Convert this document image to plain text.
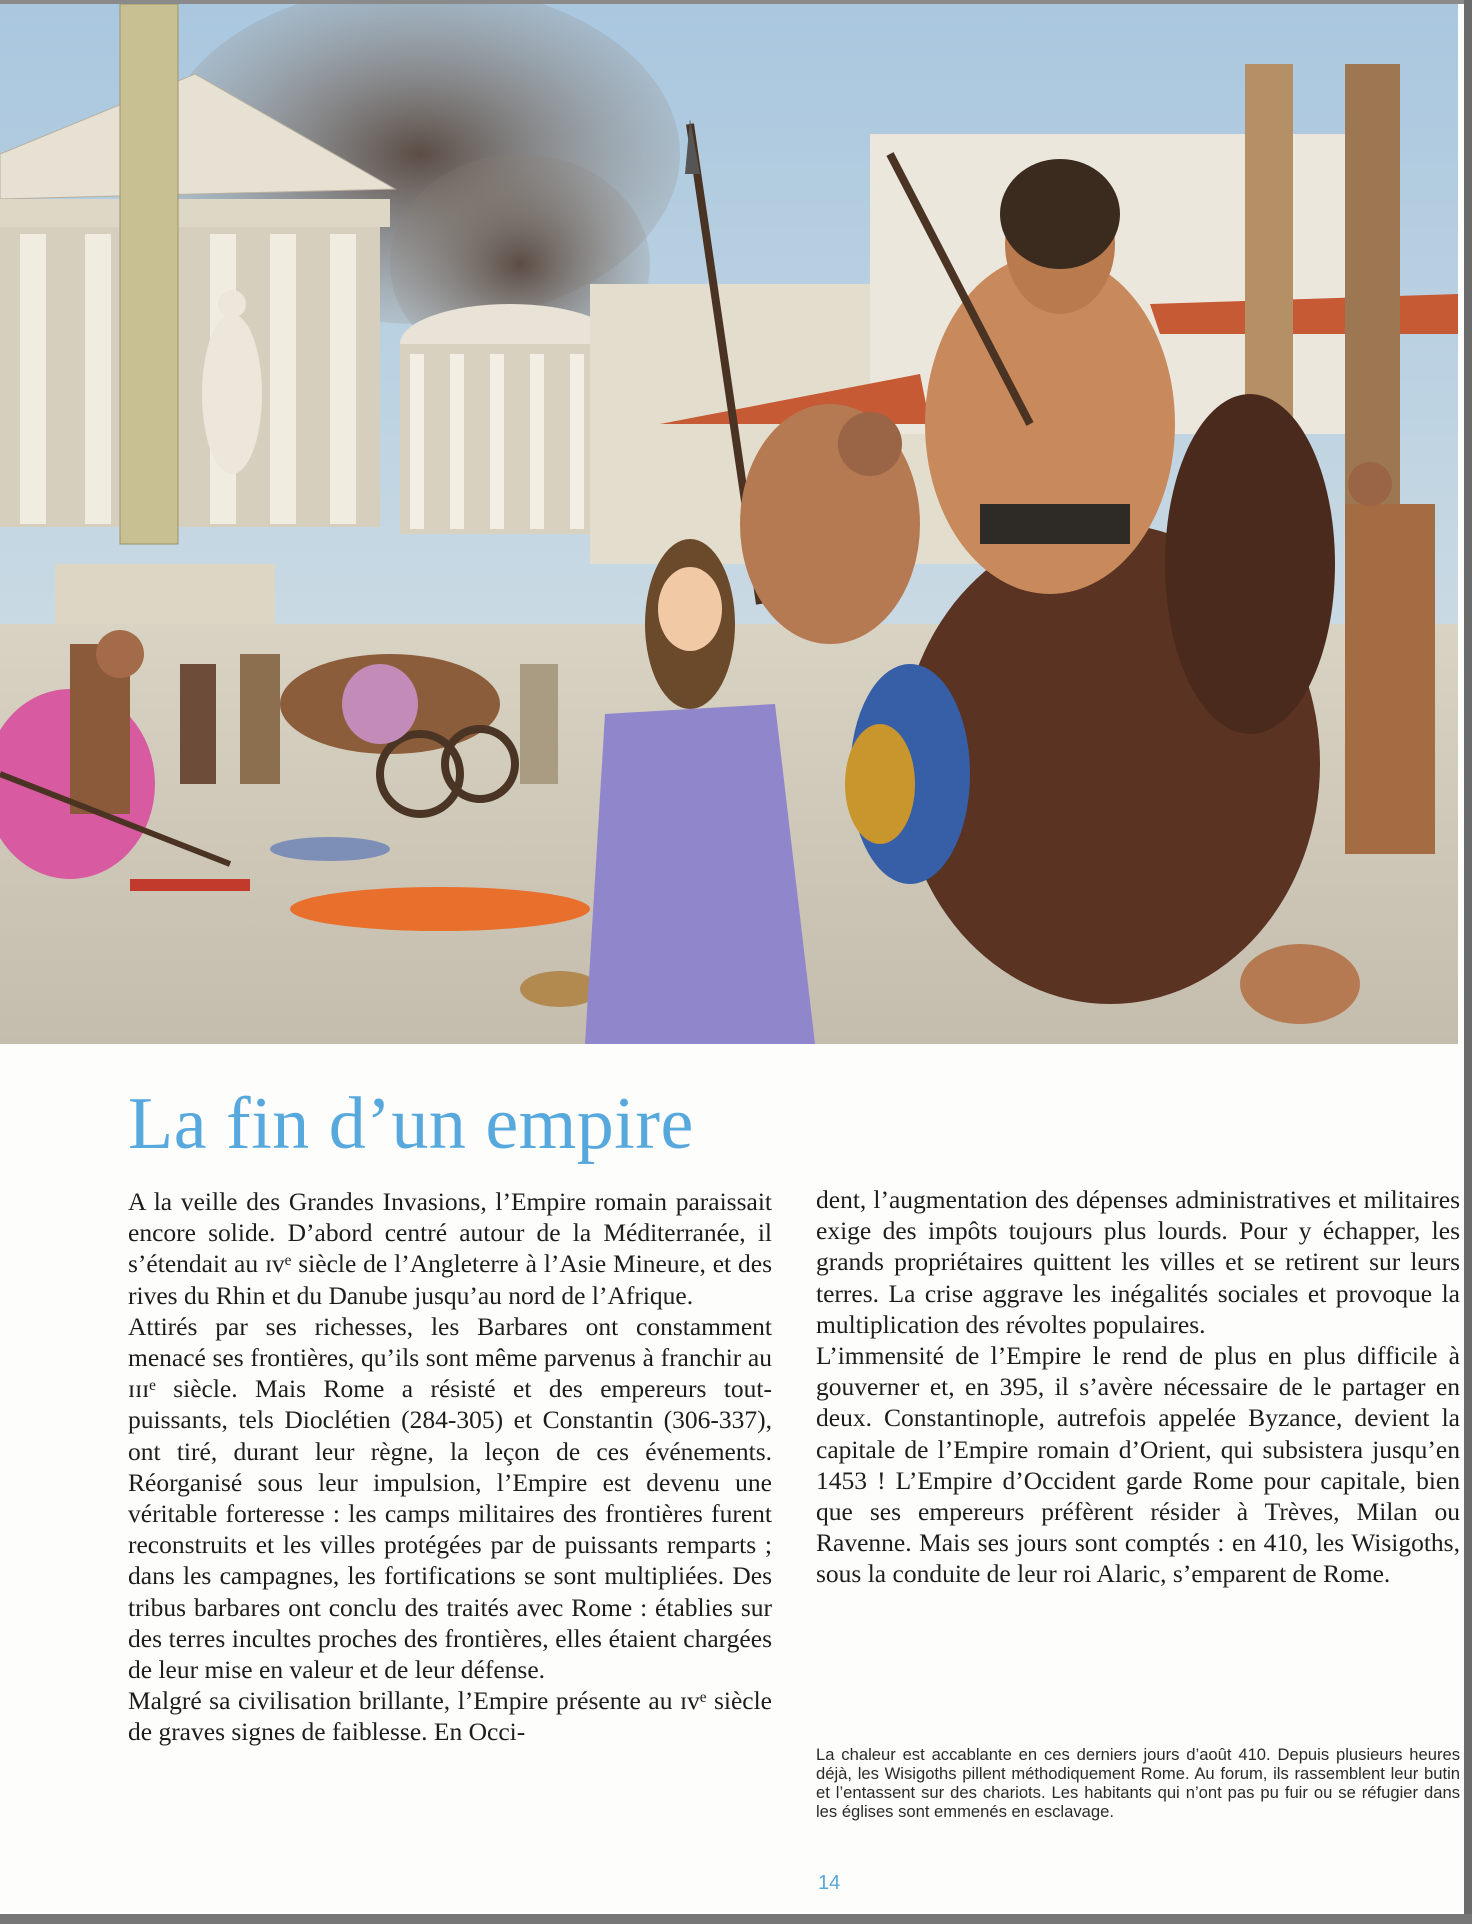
La fin d’un empire

A la veille des Grandes Invasions, l’Empire romain paraissait encore solide. D’abord centré autour de la Méditerranée, il s’étendait au ɪᴠᵉ siècle de l’Angleterre à l’Asie Mineure, et des rives du Rhin et du Danube jusqu’au nord de l’Afrique.

Attirés par ses richesses, les Barbares ont constamment menacé ses frontières, qu’ils sont même parvenus à franchir au ɪɪɪᵉ siècle. Mais Rome a résisté et des empereurs tout-puissants, tels Dioclétien (284-305) et Constantin (306-337), ont tiré, durant leur règne, la leçon de ces événements. Réorganisé sous leur impulsion, l’Empire est devenu une véritable forteresse : les camps militaires des frontières furent reconstruits et les villes protégées par de puissants remparts ; dans les campagnes, les fortifications se sont multipliées. Des tribus barbares ont conclu des traités avec Rome : établies sur des terres incultes proches des frontières, elles étaient chargées de leur mise en valeur et de leur défense.

Malgré sa civilisation brillante, l’Empire présente au ɪᴠᵉ siècle de graves signes de faiblesse. En Occi-

dent, l’augmentation des dépenses administratives et militaires exige des impôts toujours plus lourds. Pour y échapper, les grands propriétaires quittent les villes et se retirent sur leurs terres. La crise aggrave les inégalités sociales et provoque la multiplication des révoltes populaires.

L’immensité de l’Empire le rend de plus en plus difficile à gouverner et, en 395, il s’avère nécessaire de le partager en deux. Constantinople, autrefois appelée Byzance, devient la capitale de l’Empire romain d’Orient, qui subsistera jusqu’en 1453 ! L’Empire d’Occident garde Rome pour capitale, bien que ses empereurs préfèrent résider à Trèves, Milan ou Ravenne. Mais ses jours sont comptés : en 410, les Wisigoths, sous la conduite de leur roi Alaric, s’emparent de Rome.

La chaleur est accablante en ces derniers jours d’août 410. Depuis plusieurs heures déjà, les Wisigoths pillent méthodiquement Rome. Au forum, ils rassemblent leur butin et l’entassent sur des chariots. Les habitants qui n’ont pas pu fuir ou se réfugier dans les églises sont emmenés en esclavage.

14
